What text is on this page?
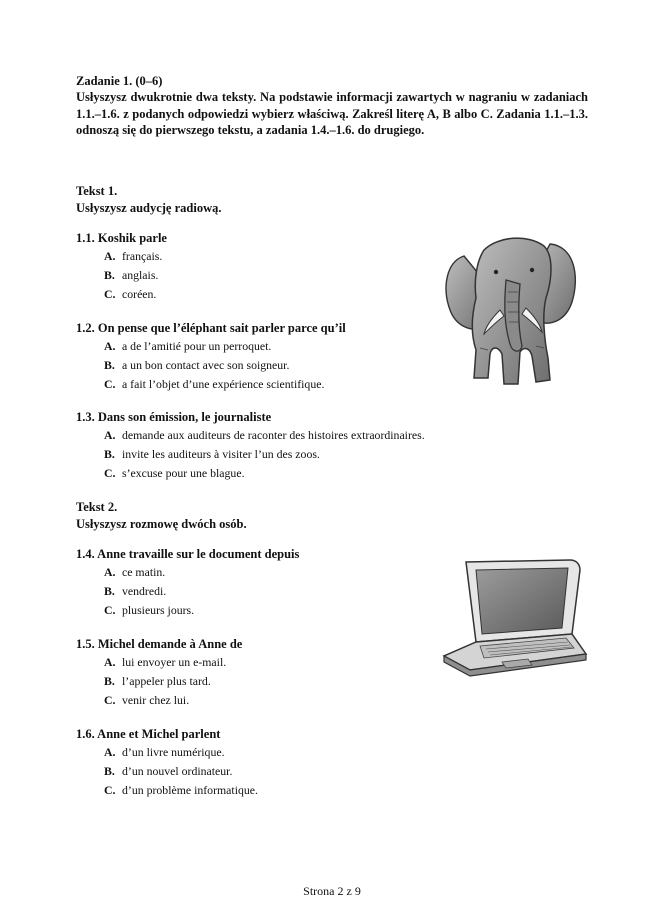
Zadanie 1. (0–6)
Usłyszysz dwukrotnie dwa teksty. Na podstawie informacji zawartych w nagraniu w zadaniach 1.1.–1.6. z podanych odpowiedzi wybierz właściwą. Zakreśl literę A, B albo C. Zadania 1.1.–1.3. odnoszą się do pierwszego tekstu, a zadania 1.4.–1.6. do drugiego.
Tekst 1.
Usłyszysz audycję radiową.
1.1. Koshik parle
A. français.
B. anglais.
C. coréen.
1.2. On pense que l’éléphant sait parler parce qu’il
A. a de l’amitié pour un perroquet.
B. a un bon contact avec son soigneur.
C. a fait l’objet d’une expérience scientifique.
1.3. Dans son émission, le journaliste
A. demande aux auditeurs de raconter des histoires extraordinaires.
B. invite les auditeurs à visiter l’un des zoos.
C. s’excuse pour une blague.
Tekst 2.
Usłyszysz rozmowę dwóch osób.
1.4. Anne travaille sur le document depuis
A. ce matin.
B. vendredi.
C. plusieurs jours.
1.5. Michel demande à Anne de
A. lui envoyer un e-mail.
B. l’appeler plus tard.
C. venir chez lui.
1.6. Anne et Michel parlent
A. d’un livre numérique.
B. d’un nouvel ordinateur.
C. d’un problème informatique.
Strona 2 z 9
